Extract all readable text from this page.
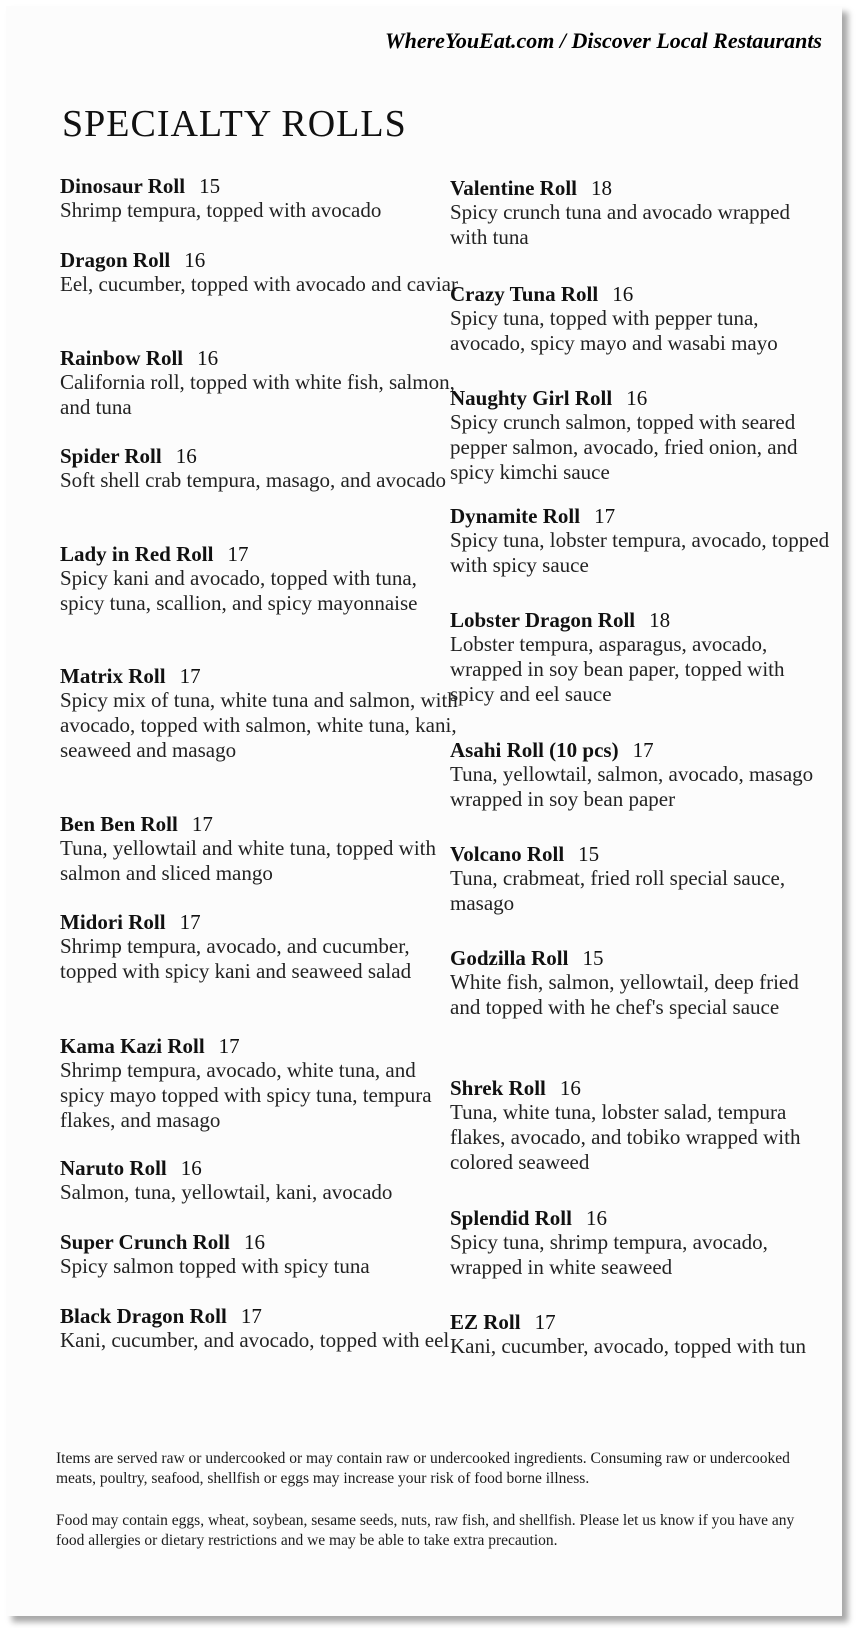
WhereYouEat.com / Discover Local Restaurants
SPECIALTY ROLLS
Dinosaur Roll 15
Shrimp tempura, topped with avocado
Dragon Roll 16
Eel, cucumber, topped with avocado and caviar
Rainbow Roll 16
California roll, topped with white fish, salmon, and tuna
Spider Roll 16
Soft shell crab tempura, masago, and avocado
Lady in Red Roll 17
Spicy kani and avocado, topped with tuna, spicy tuna, scallion, and spicy mayonnaise
Matrix Roll 17
Spicy mix of tuna, white tuna and salmon, with avocado, topped with salmon, white tuna, kani, seaweed and masago
Ben Ben Roll 17
Tuna, yellowtail and white tuna, topped with salmon and sliced mango
Midori Roll 17
Shrimp tempura, avocado, and cucumber, topped with spicy kani and seaweed salad
Kama Kazi Roll 17
Shrimp tempura, avocado, white tuna, and spicy mayo topped with spicy tuna, tempura flakes, and masago
Naruto Roll 16
Salmon, tuna, yellowtail, kani, avocado
Super Crunch Roll 16
Spicy salmon topped with spicy tuna
Black Dragon Roll 17
Kani, cucumber, and avocado, topped with eel
Valentine Roll 18
Spicy crunch tuna and avocado wrapped with tuna
Crazy Tuna Roll 16
Spicy tuna, topped with pepper tuna, avocado, spicy mayo and wasabi mayo
Naughty Girl Roll 16
Spicy crunch salmon, topped with seared pepper salmon, avocado, fried onion, and spicy kimchi sauce
Dynamite Roll 17
Spicy tuna, lobster tempura, avocado, topped with spicy sauce
Lobster Dragon Roll 18
Lobster tempura, asparagus, avocado, wrapped in soy bean paper, topped with spicy and eel sauce
Asahi Roll (10 pcs) 17
Tuna, yellowtail, salmon, avocado, masago wrapped in soy bean paper
Volcano Roll 15
Tuna, crabmeat, fried roll special sauce, masago
Godzilla Roll 15
White fish, salmon, yellowtail, deep fried and topped with he chef's special sauce
Shrek Roll 16
Tuna, white tuna, lobster salad, tempura flakes, avocado, and tobiko wrapped with colored seaweed
Splendid Roll 16
Spicy tuna, shrimp tempura, avocado, wrapped in white seaweed
EZ Roll 17
Kani, cucumber, avocado, topped with tun
Items are served raw or undercooked or may contain raw or undercooked ingredients. Consuming raw or undercooked meats, poultry, seafood, shellfish or eggs may increase your risk of food borne illness.
Food may contain eggs, wheat, soybean, sesame seeds, nuts, raw fish, and shellfish. Please let us know if you have any food allergies or dietary restrictions and we may be able to take extra precaution.
